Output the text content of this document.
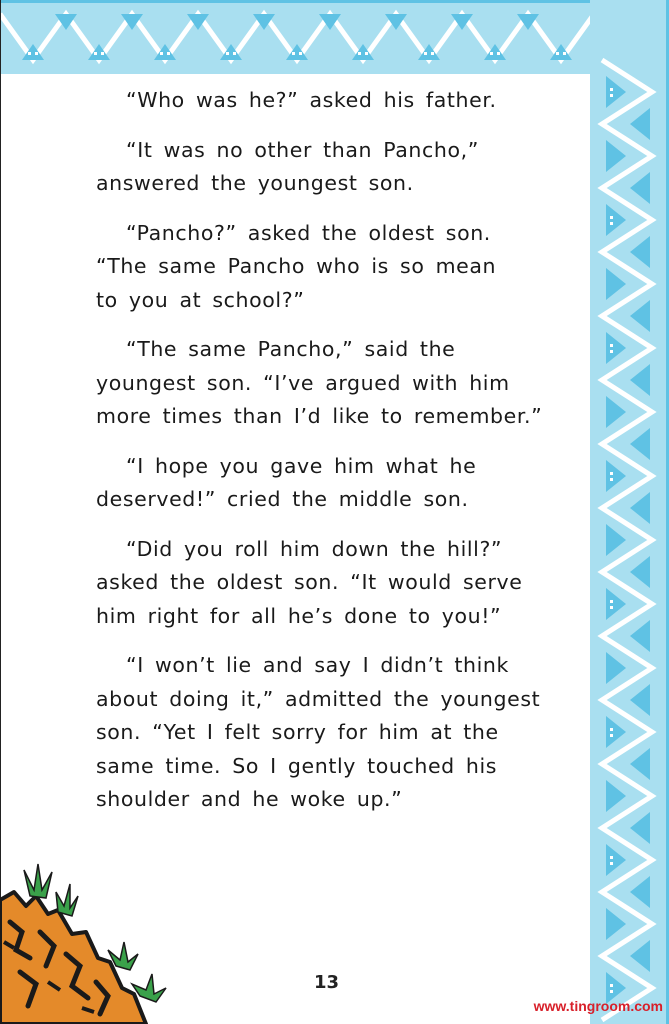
“Who was he?” asked his father.

“It was no other than Pancho,”

answered the youngest son.

“Pancho?” asked the oldest son.

“The same Pancho who is so mean

to you at school?”

“The same Pancho,” said the

youngest son. “I’ve argued with him

more times than I’d like to remember.”

“I hope you gave him what he

deserved!” cried the middle son.

“Did you roll him down the hill?”

asked the oldest son. “It would serve

him right for all he’s done to you!”

“I won’t lie and say I didn’t think

about doing it,” admitted the youngest

son. “Yet I felt sorry for him at the

same time. So I gently touched his

shoulder and he woke up.”

13
www.tingroom.com
